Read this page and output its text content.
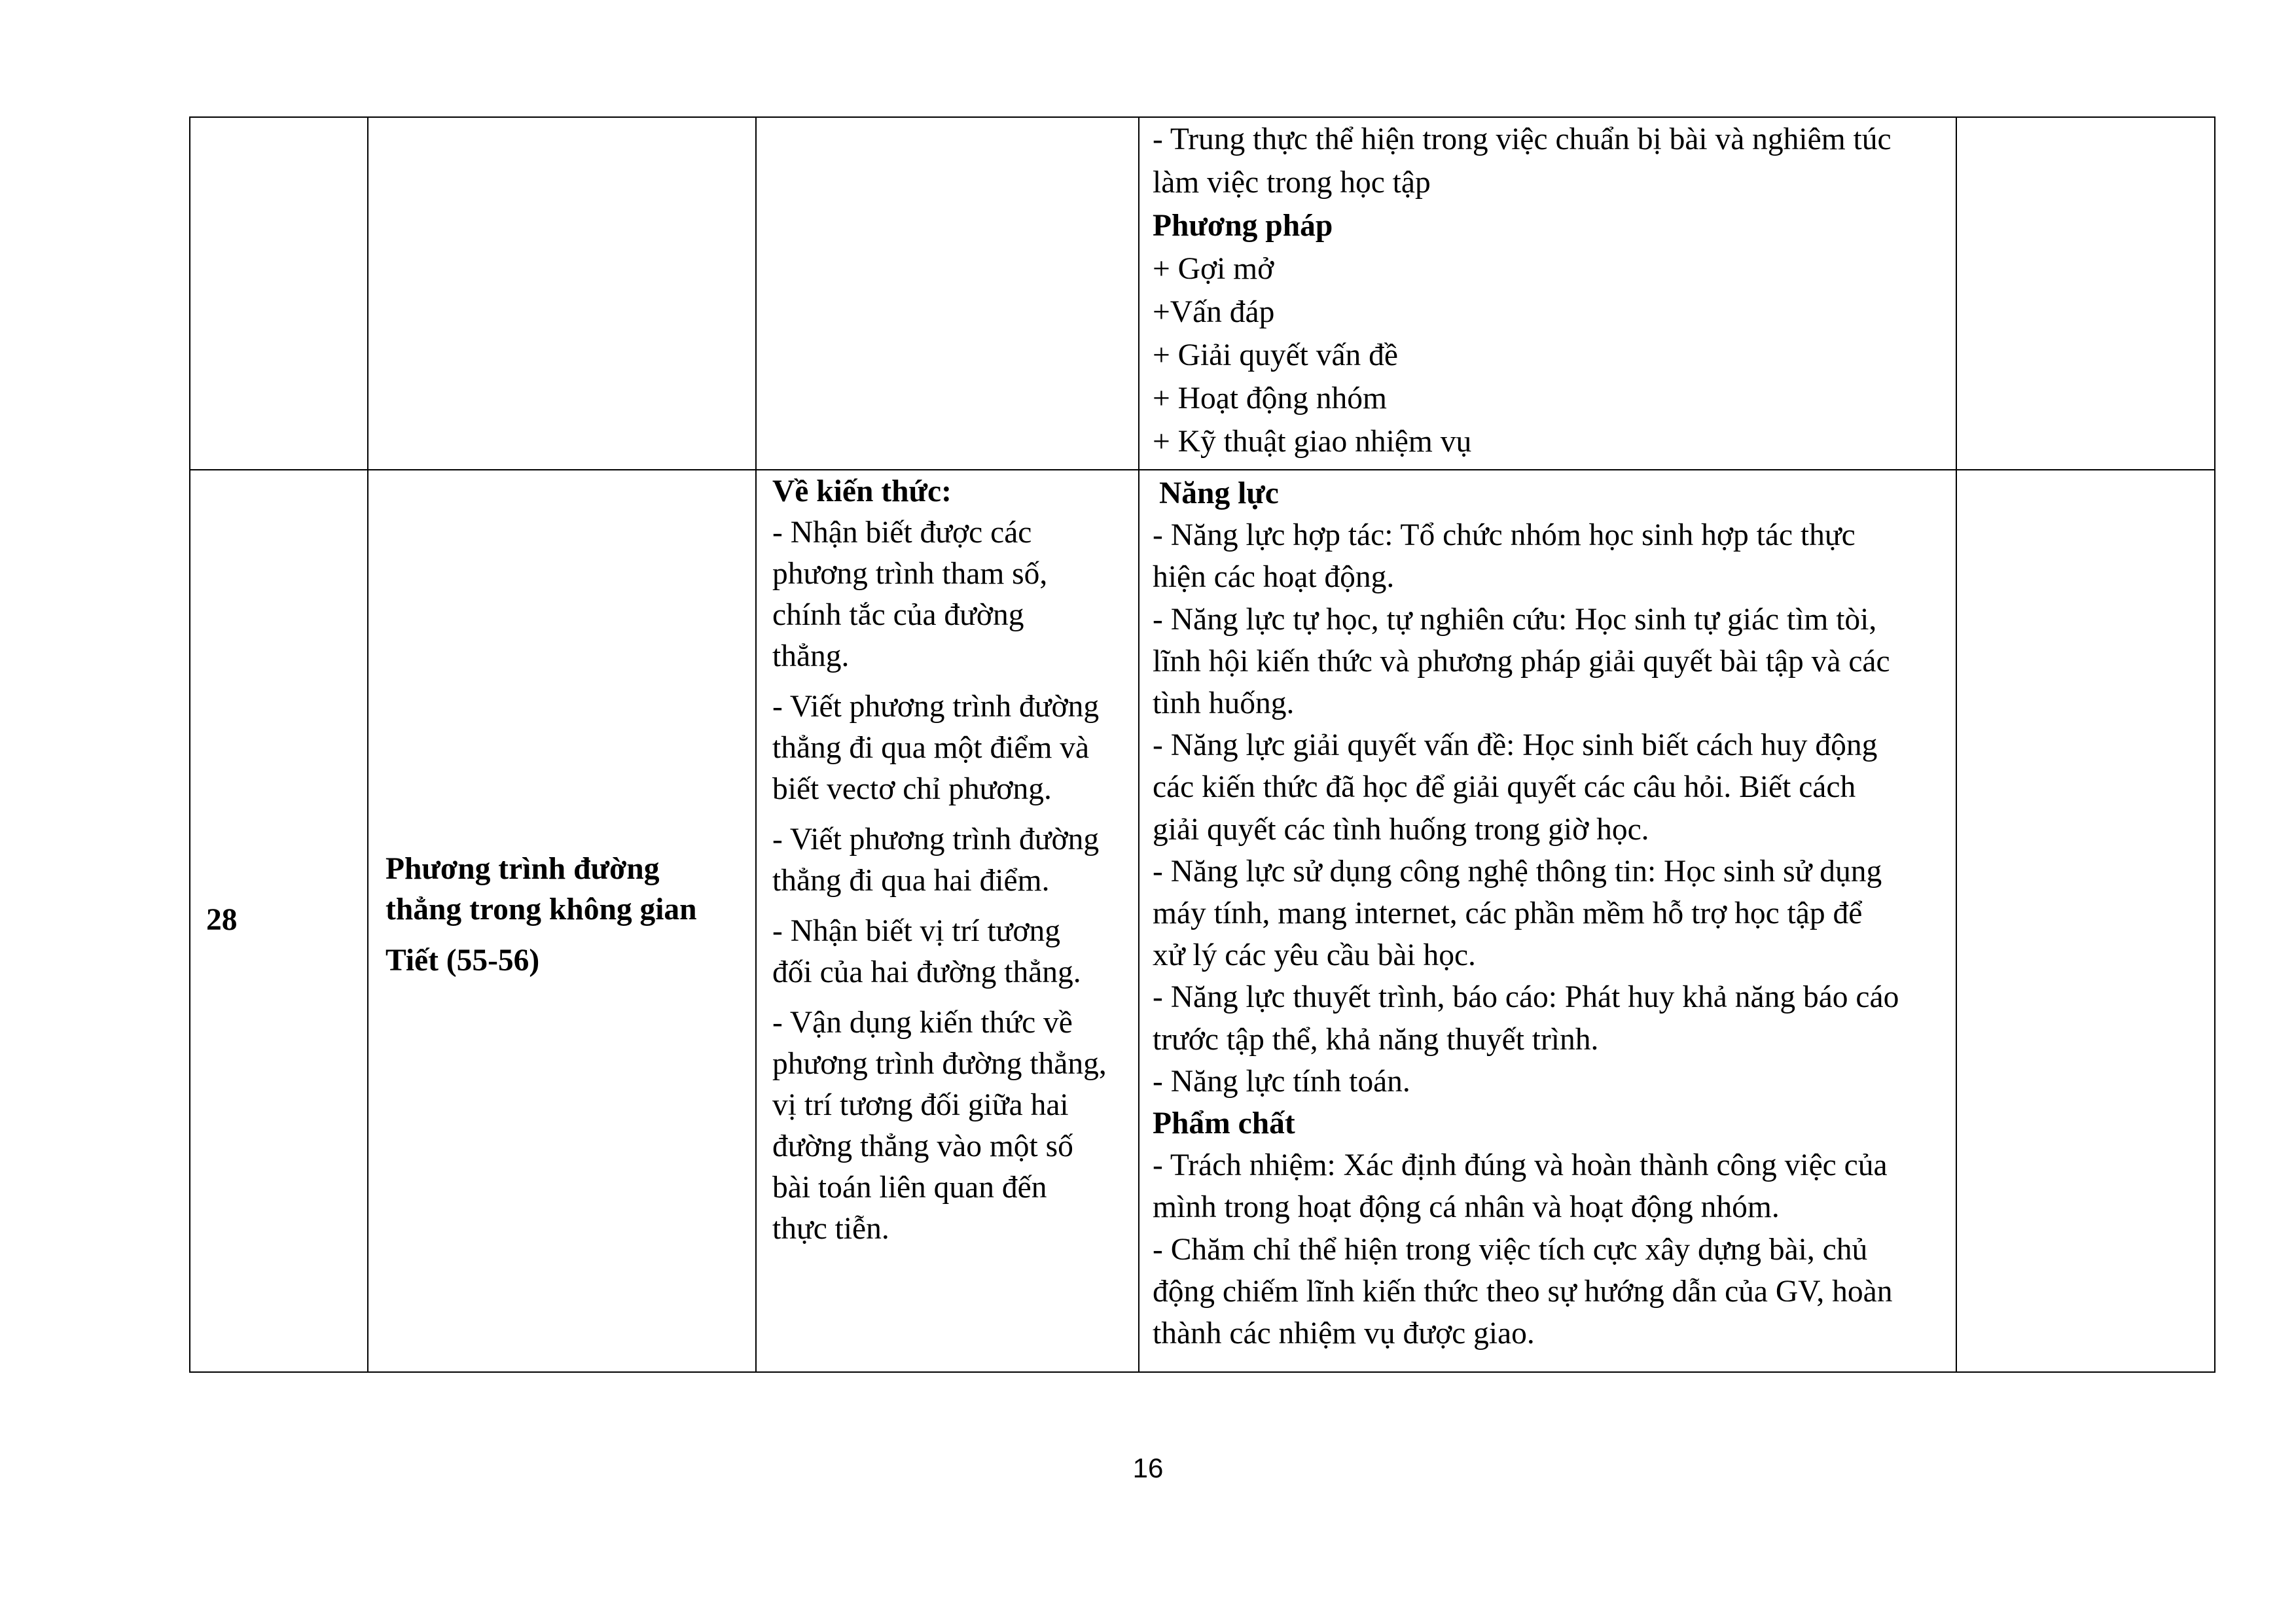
- Trung thực thể hiện trong việc chuẩn bị bài và nghiêm túc

làm việc trong học tập

Phương pháp

+ Gợi mở

+Vấn đáp

+ Giải quyết vấn đề

+ Hoạt động nhóm

+ Kỹ thuật giao nhiệm vụ

28

Phương trình đường

thẳng trong không gian

Tiết (55-56)

Về kiến thức:

- Nhận biết được các

phương trình tham số,

chính tắc của đường

thẳng.

- Viết phương trình đường

thẳng đi qua một điểm và

biết vectơ chỉ phương.

- Viết phương trình đường

thẳng đi qua hai điểm.

- Nhận biết vị trí tương

đối của hai đường thẳng.

- Vận dụng kiến thức về

phương trình đường thẳng,

vị trí tương đối giữa hai

đường thẳng vào một số

bài toán liên quan đến

thực tiễn.

Năng lực

- Năng lực hợp tác: Tổ chức nhóm học sinh hợp tác thực

hiện các hoạt động.

- Năng lực tự học, tự nghiên cứu: Học sinh tự giác tìm tòi,

lĩnh hội kiến thức và phương pháp giải quyết bài tập và các

tình huống.

- Năng lực giải quyết vấn đề: Học sinh biết cách huy động

các kiến thức đã học để giải quyết các câu hỏi. Biết cách

giải quyết các tình huống trong giờ học.

- Năng lực sử dụng công nghệ thông tin: Học sinh sử dụng

máy tính, mang internet, các phần mềm hỗ trợ học tập để

xử lý các yêu cầu bài học.

- Năng lực thuyết trình, báo cáo: Phát huy khả năng báo cáo

trước tập thể, khả năng thuyết trình.

- Năng lực tính toán.

Phẩm chất

- Trách nhiệm: Xác định đúng và hoàn thành công việc của

mình trong hoạt động cá nhân và hoạt động nhóm.

- Chăm chỉ thể hiện trong việc tích cực xây dựng bài, chủ

động chiếm lĩnh kiến thức theo sự hướng dẫn của GV, hoàn

thành các nhiệm vụ được giao.

16
